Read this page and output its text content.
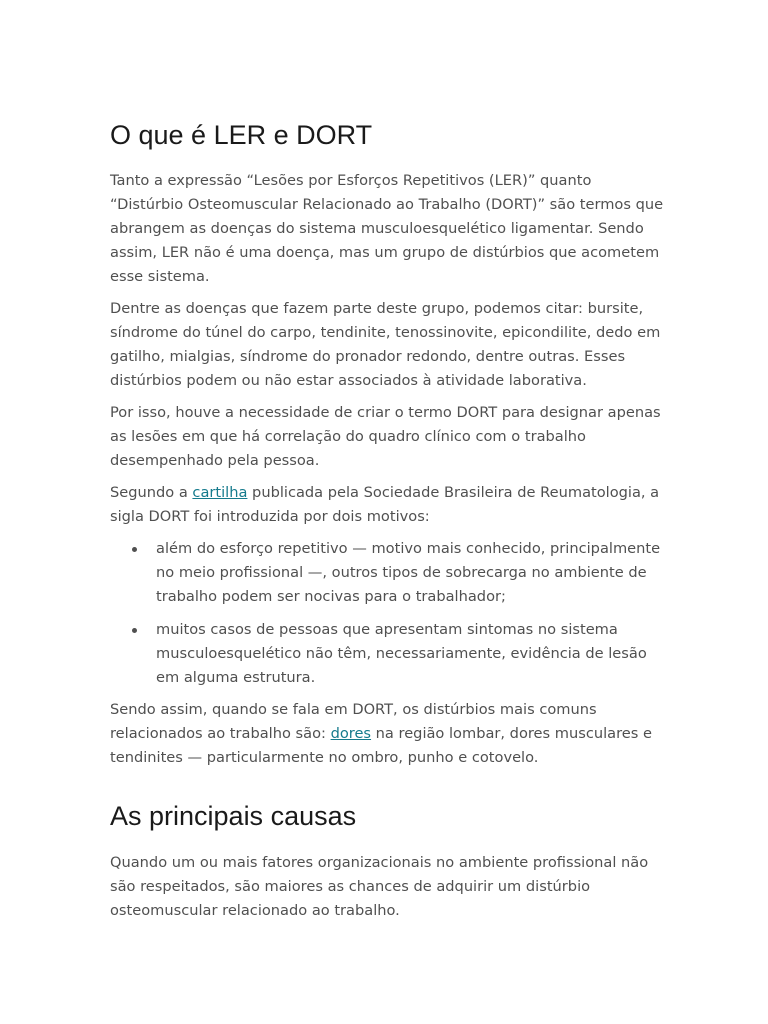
O que é LER e DORT

Tanto a expressão “Lesões por Esforços Repetitivos (LER)” quanto
“Distúrbio Osteomuscular Relacionado ao Trabalho (DORT)” são termos que
abrangem as doenças do sistema musculoesquelético ligamentar. Sendo
assim, LER não é uma doença, mas um grupo de distúrbios que acometem
esse sistema.

Dentre as doenças que fazem parte deste grupo, podemos citar: bursite,
síndrome do túnel do carpo, tendinite, tenossinovite, epicondilite, dedo em
gatilho, mialgias, síndrome do pronador redondo, dentre outras. Esses
distúrbios podem ou não estar associados à atividade laborativa.

Por isso, houve a necessidade de criar o termo DORT para designar apenas
as lesões em que há correlação do quadro clínico com o trabalho
desempenhado pela pessoa.

Segundo a cartilha publicada pela Sociedade Brasileira de Reumatologia, a
sigla DORT foi introduzida por dois motivos:

além do esforço repetitivo — motivo mais conhecido, principalmente
no meio profissional —, outros tipos de sobrecarga no ambiente de
trabalho podem ser nocivas para o trabalhador;
muitos casos de pessoas que apresentam sintomas no sistema
musculoesquelético não têm, necessariamente, evidência de lesão
em alguma estrutura.

Sendo assim, quando se fala em DORT, os distúrbios mais comuns
relacionados ao trabalho são: dores na região lombar, dores musculares e
tendinites — particularmente no ombro, punho e cotovelo.

As principais causas

Quando um ou mais fatores organizacionais no ambiente profissional não
são respeitados, são maiores as chances de adquirir um distúrbio
osteomuscular relacionado ao trabalho.
